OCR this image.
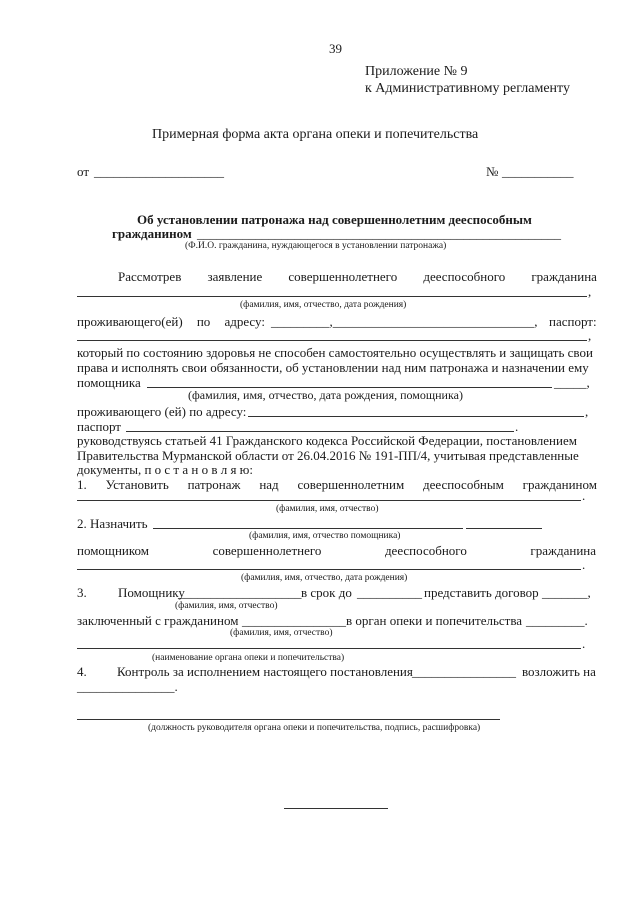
39
Приложение № 9
к Административному регламенту
Примерная форма акта органа опеки и попечительства
от ____________________	№ ___________
Об установлении патронажа над совершеннолетним дееспособным
гражданином ________________________________________________________
(Ф.И.О. гражданина, нуждающегося в установлении патронажа)
Рассмотрев заявление совершеннолетнего дееспособного гражданина
,
(фамилия, имя, отчество, дата рождения)
проживающего(ей) по адресу: _________,_______________________________, паспорт:
,
который по состоянию здоровья не способен самостоятельно осуществлять и защищать свои
права и исполнять свои обязанности, об установлении над ним патронажа и назначении ему
помощника	_____,
(фамилия, имя, отчество, дата рождения, помощника)
проживающего (ей) по адресу:	,
паспорт	.
руководствуясь статьей 41 Гражданского кодекса Российской Федерации, постановлением
Правительства Мурманской области от 26.04.2016 № 191-ПП/4, учитывая представленные
документы, п о с т а н о в л я ю:
1. Установить патронаж над совершеннолетним дееспособным гражданином
.
(фамилия, имя, отчество)
2. Назначить
(фамилия, имя, отчество помощника)
помощником	совершеннолетнего	дееспособного	гражданина
.
(фамилия, имя, отчество, дата рождения)
3. Помощнику
___________________ в срок до __________ представить договор _______,
(фамилия, имя, отчество)
заключенный с гражданином ________________ в орган опеки и попечительства _________.
(фамилия, имя, отчество)
.
(наименование органа опеки и попечительства)
4. Контроль за исполнением настоящего постановления ________________ возложить на
_______________.
(должность руководителя органа опеки и попечительства, подпись, расшифровка)
